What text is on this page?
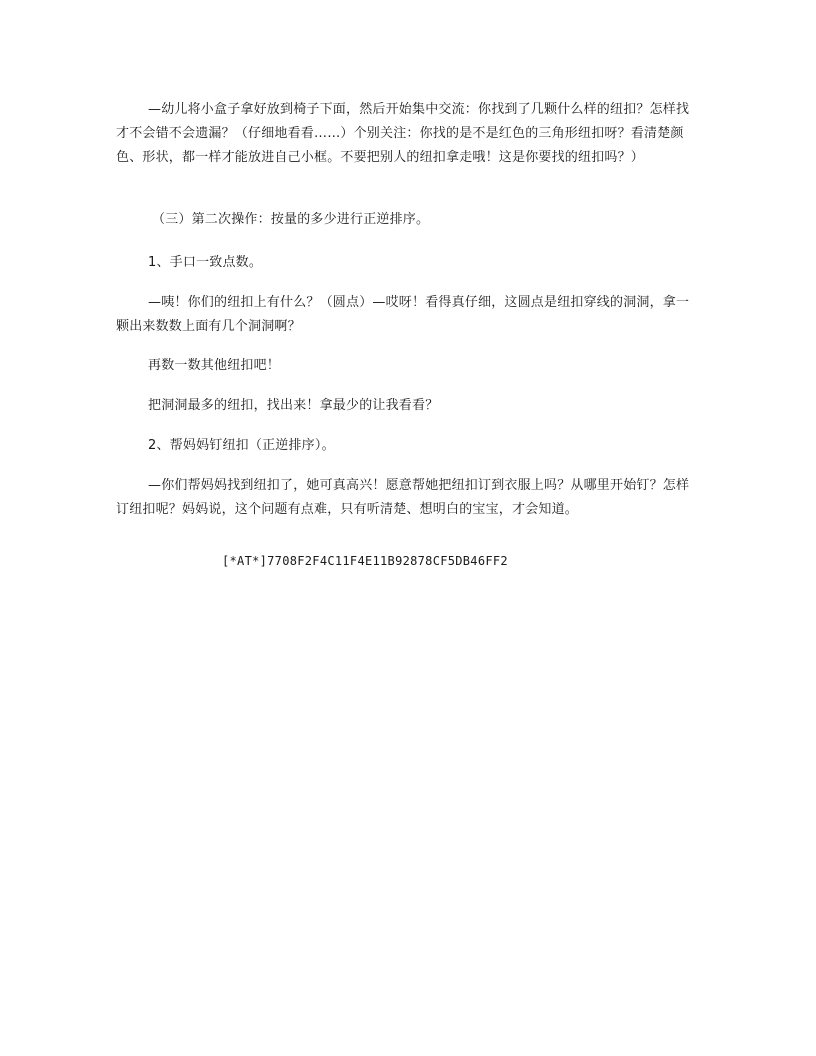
—幼儿将小盒子拿好放到椅子下面，然后开始集中交流：你找到了几颗什么样的纽扣？怎样找才不会错不会遗漏？（仔细地看看……）个别关注：你找的是不是红色的三角形纽扣呀？看清楚颜色、形状，都一样才能放进自己小框。不要把别人的纽扣拿走哦！这是你要找的纽扣吗？）

（三）第二次操作：按量的多少进行正逆排序。

1、手口一致点数。

—咦！你们的纽扣上有什么？（圆点）—哎呀！看得真仔细，这圆点是纽扣穿线的洞洞，拿一颗出来数数上面有几个洞洞啊？

再数一数其他纽扣吧！

把洞洞最多的纽扣，找出来！拿最少的让我看看？

2、帮妈妈钉纽扣（正逆排序）。

—你们帮妈妈找到纽扣了，她可真高兴！愿意帮她把纽扣订到衣服上吗？从哪里开始钉？怎样订纽扣呢？妈妈说，这个问题有点难，只有听清楚、想明白的宝宝，才会知道。

[*AT*]7708F2F4C11F4E11B92878CF5DB46FF2
